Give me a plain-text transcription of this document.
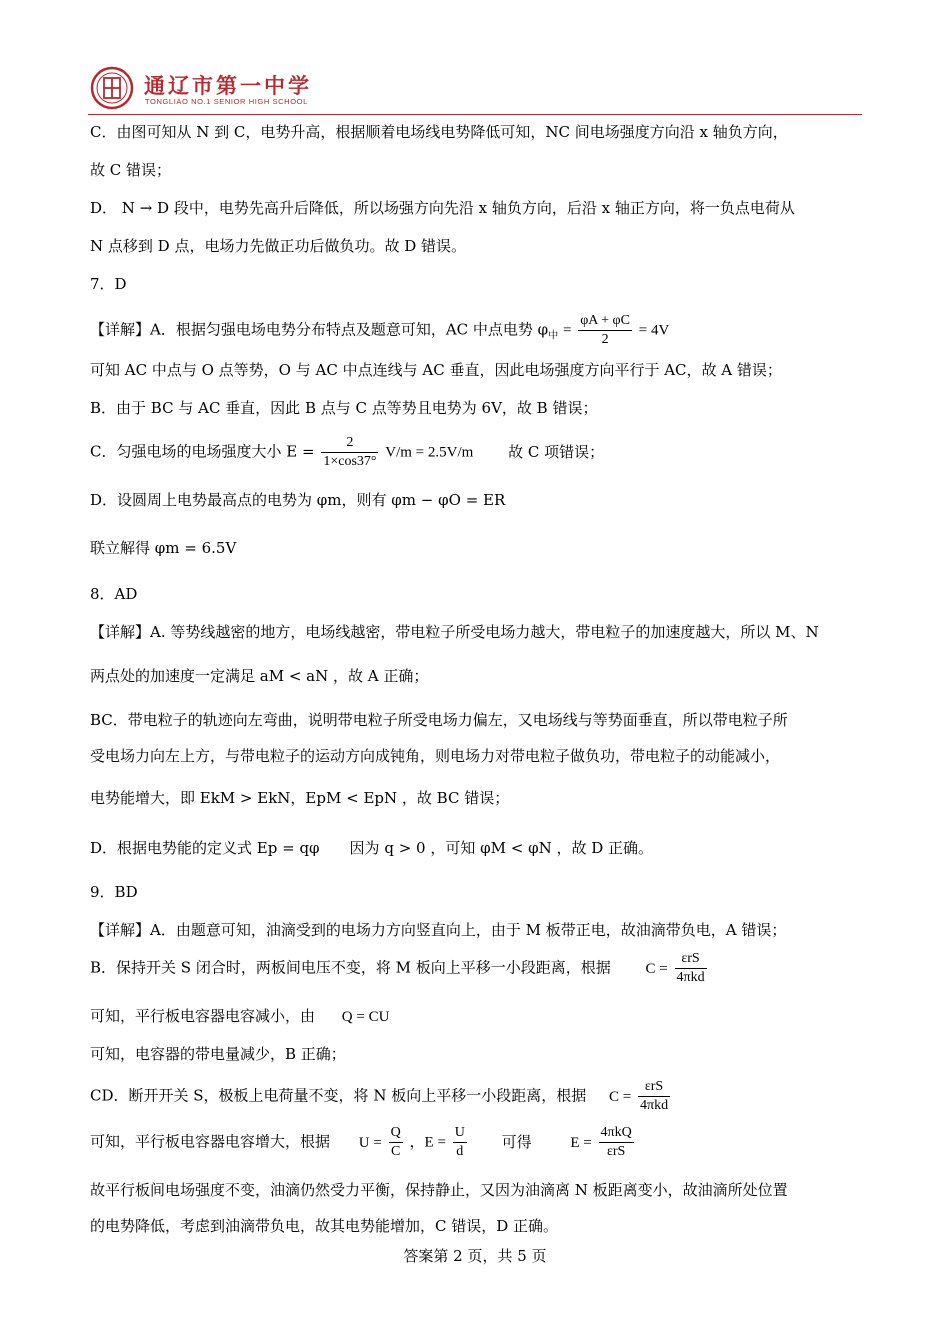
通辽市第一中学
TONGLIAO NO.1 SENIOR HIGH SCHOOL
C．由图可知从 N 到 C，电势升高，根据顺着电场线电势降低可知，NC 间电场强度方向沿 x 轴负方向，
故 C 错误；
D． N → D 段中，电势先高升后降低，所以场强方向先沿 x 轴负方向，后沿 x 轴正方向，将一负点电荷从
N 点移到 D 点，电场力先做正功后做负功。故 D 错误。
7．D
【详解】A．根据匀强电场电势分布特点及题意可知，AC 中点电势 $\varphi_中 = \frac{\varphi A + \varphi C}{2} = 4V$
可知 AC 中点与 O 点等势，O 与 AC 中点连线与 AC 垂直，因此电场强度方向平行于 AC，故 A 错误；
B．由于 BC 与 AC 垂直，因此 B 点与 C 点等势且电势为 6V，故 B 错误；
C．匀强电场的电场强度大小 $E = \frac{2}{1\times\cos 37^\circ} V/m = 2.5V/m$ 故 C 项错误；
D．设圆周上电势最高点的电势为 φm，则有 φm − φO = ER
联立解得 φm = 6.5V
8．AD
【详解】A. 等势线越密的地方，电场线越密，带电粒子所受电场力越大，带电粒子的加速度越大，所以 M、N
两点处的加速度一定满足 aM < aN ，故 A 正确；
BC．带电粒子的轨迹向左弯曲，说明带电粒子所受电场力偏左，又电场线与等势面垂直，所以带电粒子所
受电场力向左上方，与带电粒子的运动方向成钝角，则电场力对带电粒子做负功，带电粒子的动能减小，
电势能增大，即 EkM > EkN，EpM < EpN ，故 BC 错误；
D．根据电势能的定义式 Ep = qφ　　因为 q > 0 ，可知 φM < φN ，故 D 正确。
9．BD
【详解】A．由题意可知，油滴受到的电场力方向竖直向上，由于 M 板带正电，故油滴带负电，A 错误；
B．保持开关 S 闭合时，两板间电压不变，将 M 板向上平移一小段距离，根据 $C = \frac{\text{εrS}}{\text{4πkd}}$
可知，平行板电容器电容减小，由 Q = CU
可知，电容器的带电量减少，B 正确；
CD．断开开关 S，极板上电荷量不变，将 N 板向上平移一小段距离，根据 $C = \frac{\text{εrS}}{\text{4πkd}}$
可知，平行板电容器电容增大，根据 $U = \frac{Q}{C}$ ，$E = \frac{U}{d}$ 可得	$E = \frac{\text{4πkQ}}{\text{εrS}}$
故平行板间电场强度不变，油滴仍然受力平衡，保持静止，又因为油滴离 N 板距离变小，故油滴所处位置
的电势降低，考虑到油滴带负电，故其电势能增加，C 错误，D 正确。
答案第 2 页，共 5 页
